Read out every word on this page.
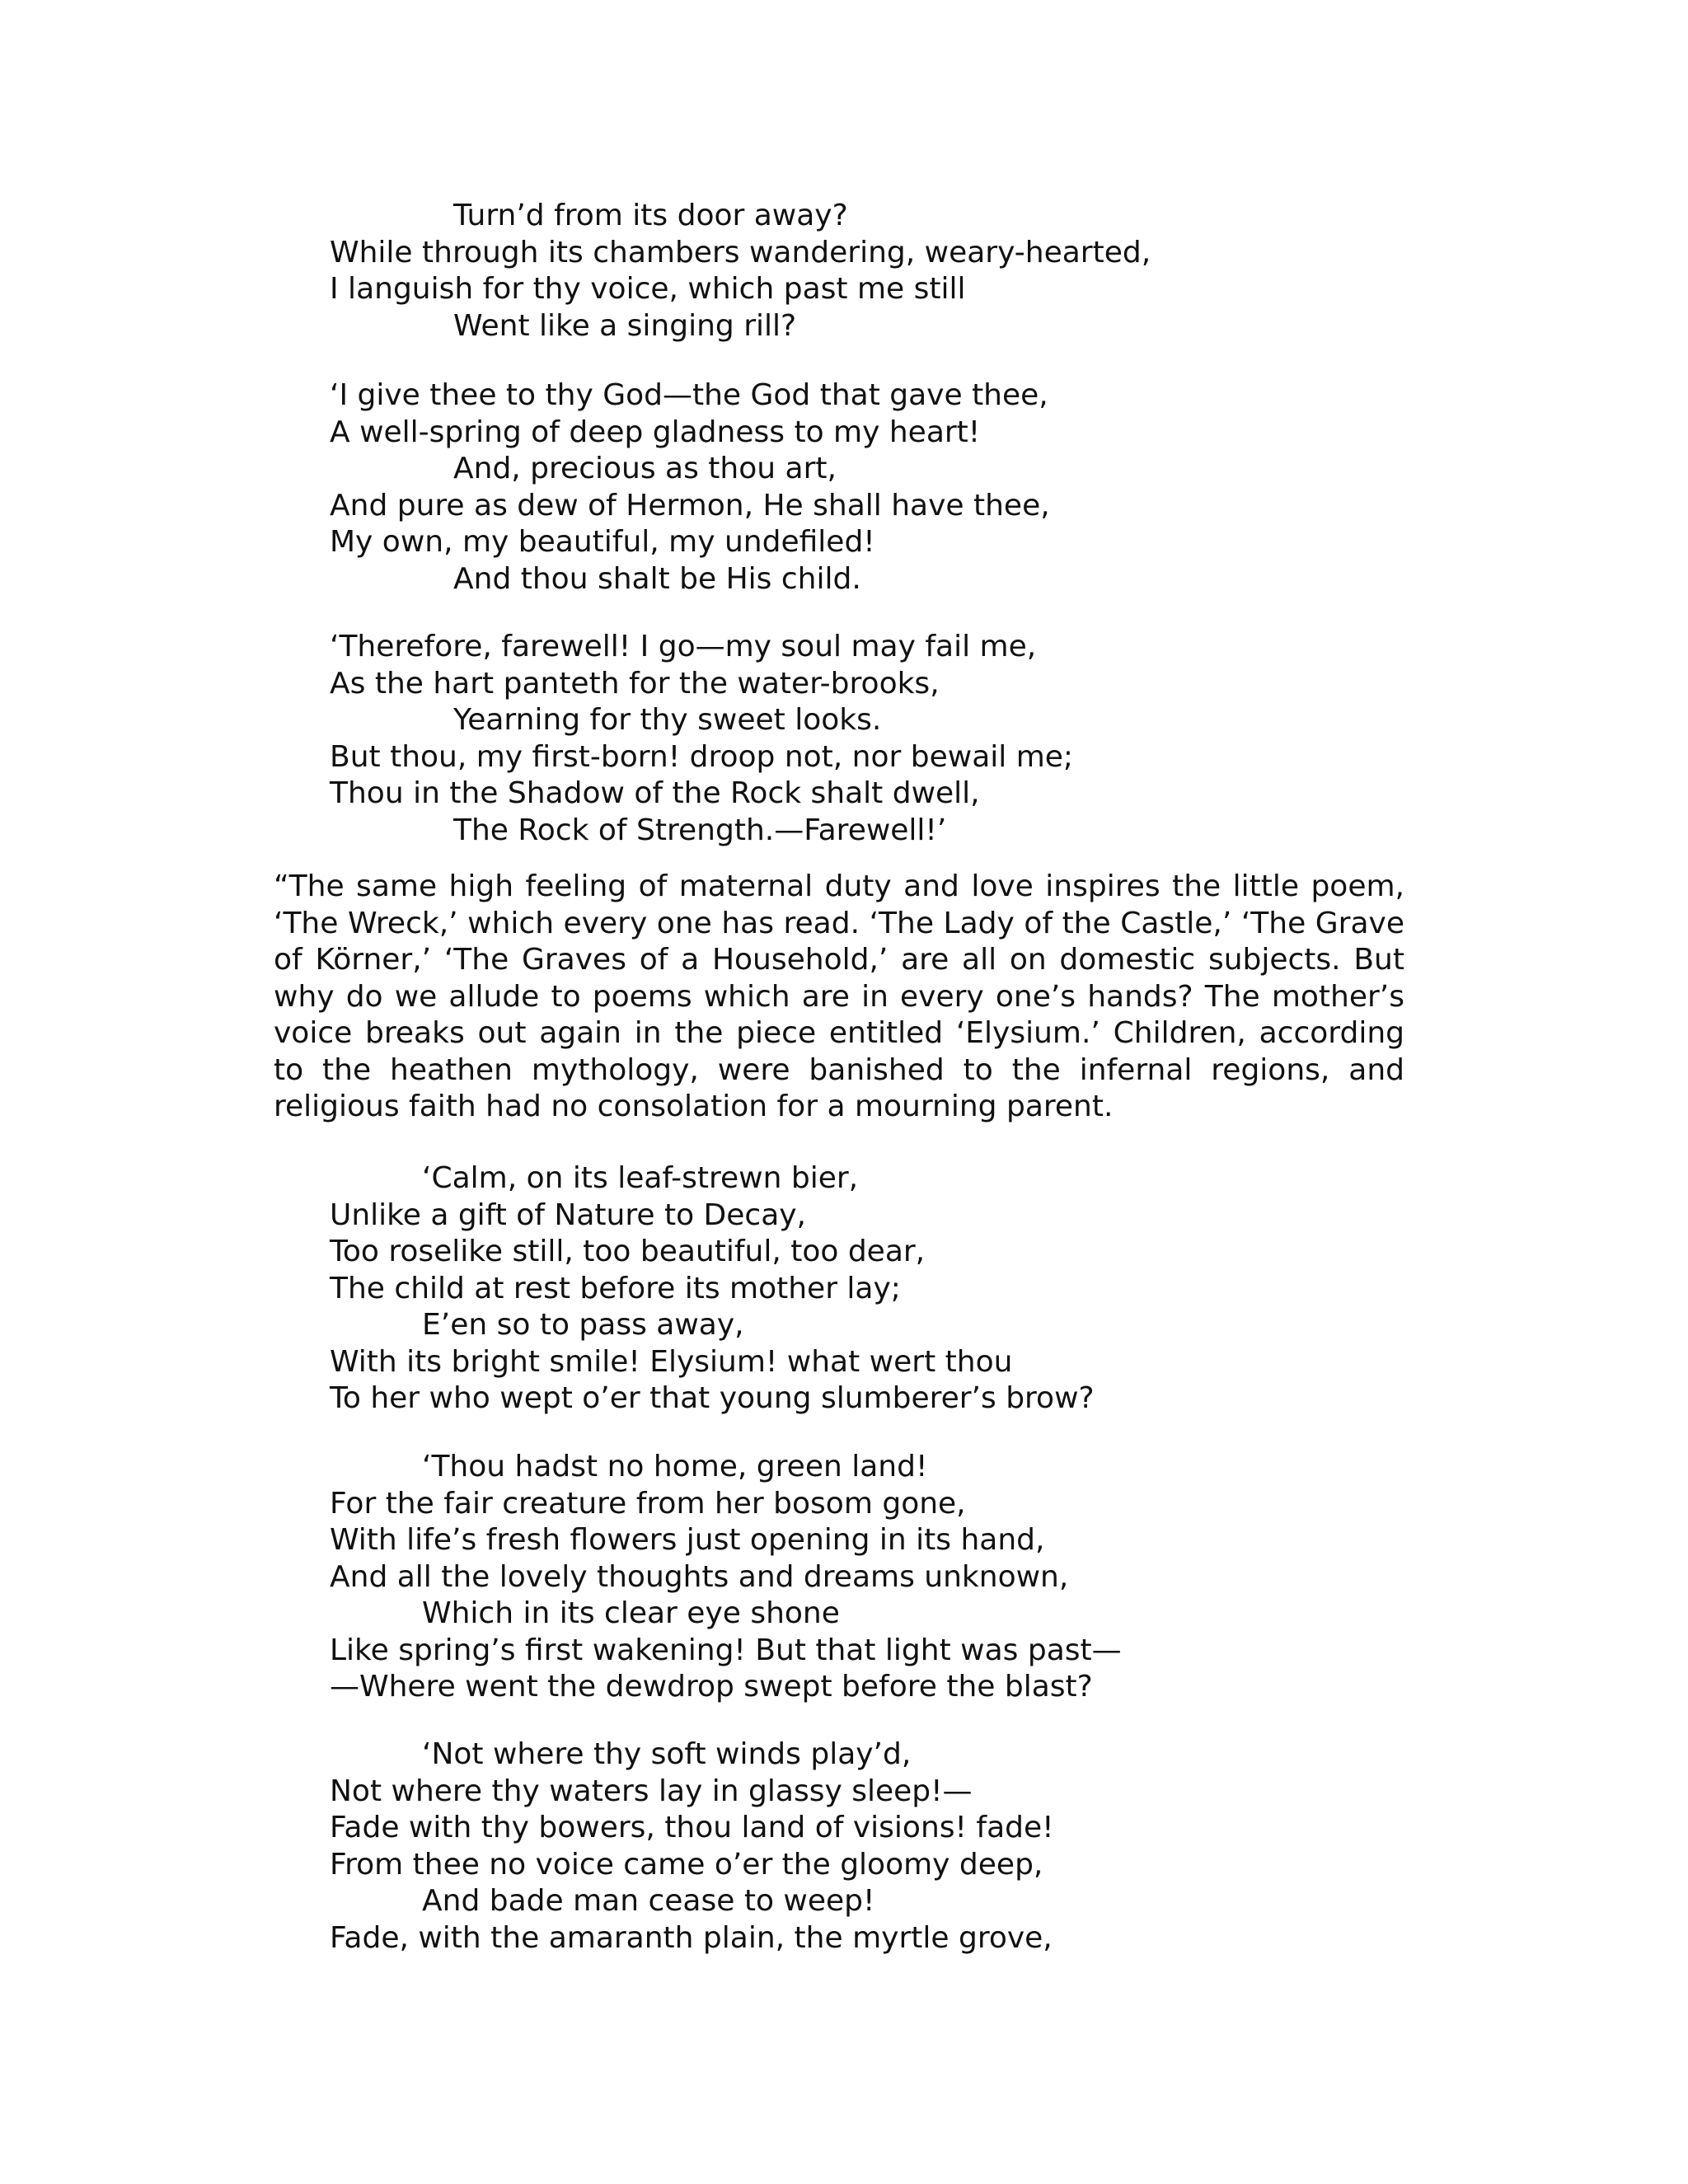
Turn’d from its door away?
While through its chambers wandering, weary-hearted,
I languish for thy voice, which past me still
Went like a singing rill?
‘I give thee to thy God—the God that gave thee,
A well-spring of deep gladness to my heart!
And, precious as thou art,
And pure as dew of Hermon, He shall have thee,
My own, my beautiful, my undefiled!
And thou shalt be His child.
‘Therefore, farewell! I go—my soul may fail me,
As the hart panteth for the water-brooks,
Yearning for thy sweet looks.
But thou, my first-born! droop not, nor bewail me;
Thou in the Shadow of the Rock shalt dwell,
The Rock of Strength.—Farewell!’

“The same high feeling of maternal duty and love inspires the little poem, ‘The Wreck,’ which every one has read. ‘The Lady of the Castle,’ ‘The Grave of Körner,’ ‘The Graves of a Household,’ are all on domestic subjects. But why do we allude to poems which are in every one’s hands? The mother’s voice breaks out again in the piece entitled ‘Elysium.’ Children, according to the heathen mythology, were banished to the infernal regions, and religious faith had no consolation for a mourning parent.

‘Calm, on its leaf-strewn bier,
Unlike a gift of Nature to Decay,
Too roselike still, too beautiful, too dear,
The child at rest before its mother lay;
E’en so to pass away,
With its bright smile! Elysium! what wert thou
To her who wept o’er that young slumberer’s brow?
‘Thou hadst no home, green land!
For the fair creature from her bosom gone,
With life’s fresh flowers just opening in its hand,
And all the lovely thoughts and dreams unknown,
Which in its clear eye shone
Like spring’s first wakening! But that light was past—
—Where went the dewdrop swept before the blast?
‘Not where thy soft winds play’d,
Not where thy waters lay in glassy sleep!—
Fade with thy bowers, thou land of visions! fade!
From thee no voice came o’er the gloomy deep,
And bade man cease to weep!
Fade, with the amaranth plain, the myrtle grove,
